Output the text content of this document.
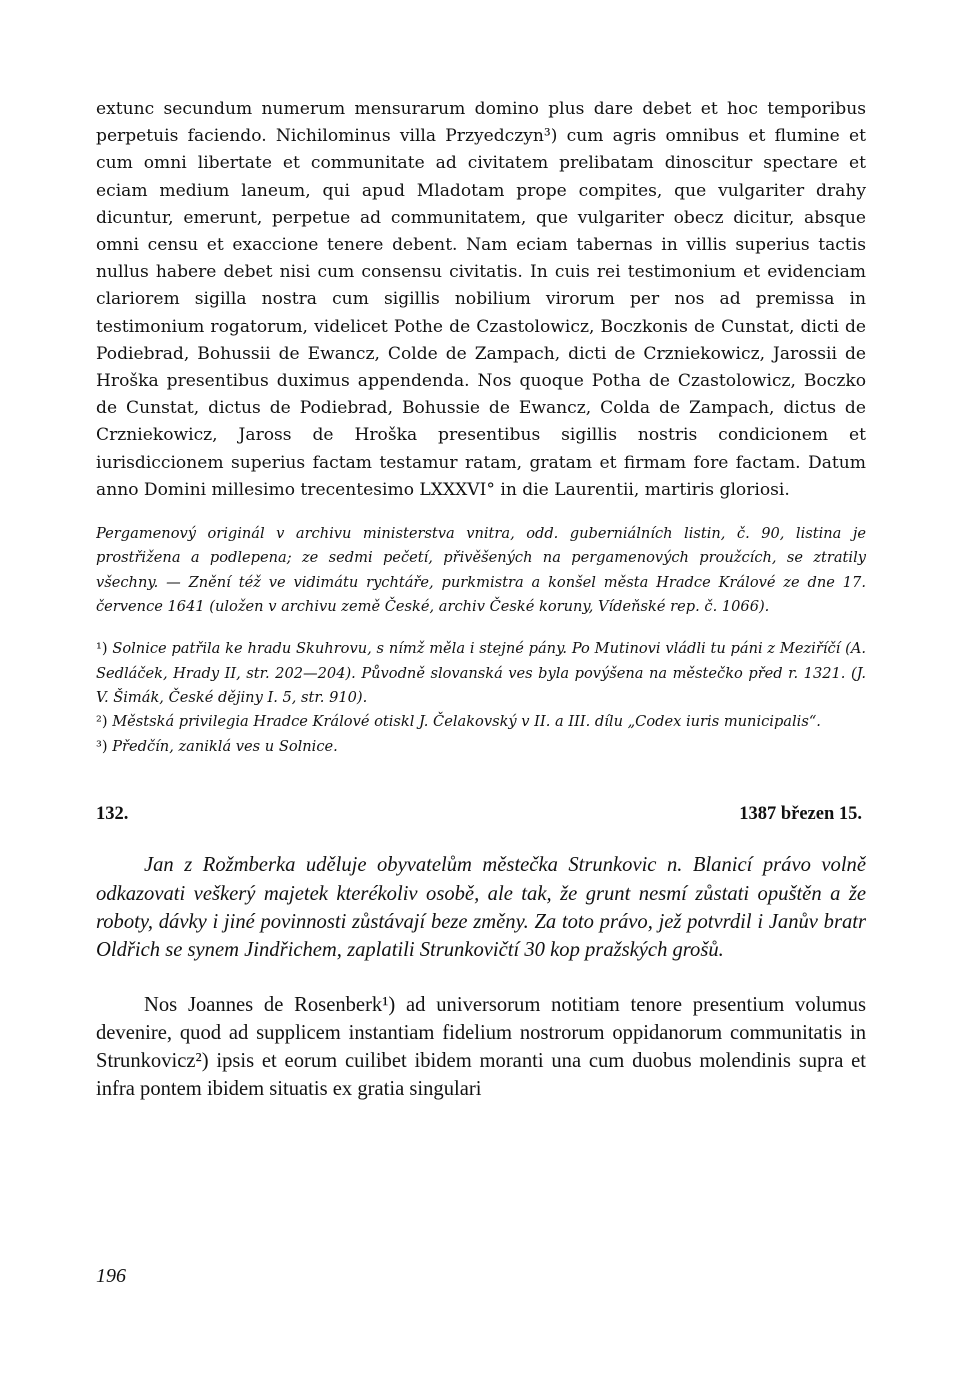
extunc secundum numerum mensurarum domino plus dare debet et hoc temporibus perpetuis faciendo. Nichilominus villa Przyedczyn³) cum agris omnibus et flumine et cum omni libertate et communitate ad civitatem prelibatam dinoscitur spectare et eciam medium laneum, qui apud Mladotam prope compites, que vulgariter drahy dicuntur, emerunt, perpetue ad communitatem, que vulgariter obecz dicitur, absque omni censu et exaccione tenere debent. Nam eciam tabernas in villis superius tactis nullus habere debet nisi cum consensu civitatis. In cuis rei testimonium et evidenciam clariorem sigilla nostra cum sigillis nobilium virorum per nos ad premissa in testimonium rogatorum, videlicet Pothe de Czastolowicz, Boczkonis de Cunstat, dicti de Podiebrad, Bohussii de Ewancz, Colde de Zampach, dicti de Crzniekowicz, Jarossii de Hroška presentibus duximus appendenda. Nos quoque Potha de Czastolowicz, Boczko de Cunstat, dictus de Podiebrad, Bohussie de Ewancz, Colda de Zampach, dictus de Crzniekowicz, Jaross de Hroška presentibus sigillis nostris condicionem et iurisdiccionem superius factam testamur ratam, gratam et firmam fore factam. Datum anno Domini millesimo trecentesimo LXXXVI° in die Laurentii, martiris gloriosi.

Pergamenový originál v archivu ministerstva vnitra, odd. guberniálních listin, č. 90, listina je prostřižena a podlepena; ze sedmi pečetí, přivěšených na pergamenových proužcích, se ztratily všechny. — Znění též ve vidimátu rychtáře, purkmistra a konšel města Hradce Králové ze dne 17. července 1641 (uložen v archivu země České, archiv České koruny, Vídeňské rep. č. 1066).

¹) Solnice patřila ke hradu Skuhrovu, s nímž měla i stejné pány. Po Mutinovi vládli tu páni z Meziříčí (A. Sedláček, Hrady II, str. 202—204). Původně slovanská ves byla povýšena na městečko před r. 1321. (J. V. Šimák, České dějiny I. 5, str. 910).

²) Městská privilegia Hradce Králové otiskl J. Čelakovský v II. a III. dílu „Codex iuris municipalis“.

³) Předčín, zaniklá ves u Solnice.

132.	1387 březen 15.

Jan z Rožmberka uděluje obyvatelům městečka Strunkovic n. Blanicí právo volně odkazovati veškerý majetek kterékoliv osobě, ale tak, že grunt nesmí zůstati opuštěn a že roboty, dávky i jiné povinnosti zůstávají beze změny. Za toto právo, jež potvrdil i Janův bratr Oldřich se synem Jindřichem, zaplatili Strunkovičtí 30 kop pražských grošů.

Nos Joannes de Rosenberk¹) ad universorum notitiam tenore presentium volumus devenire, quod ad supplicem instantiam fidelium nostrorum oppidanorum communitatis in Strunkovicz²) ipsis et eorum cuilibet ibidem moranti una cum duobus molendinis supra et infra pontem ibidem situatis ex gratia singulari

196
